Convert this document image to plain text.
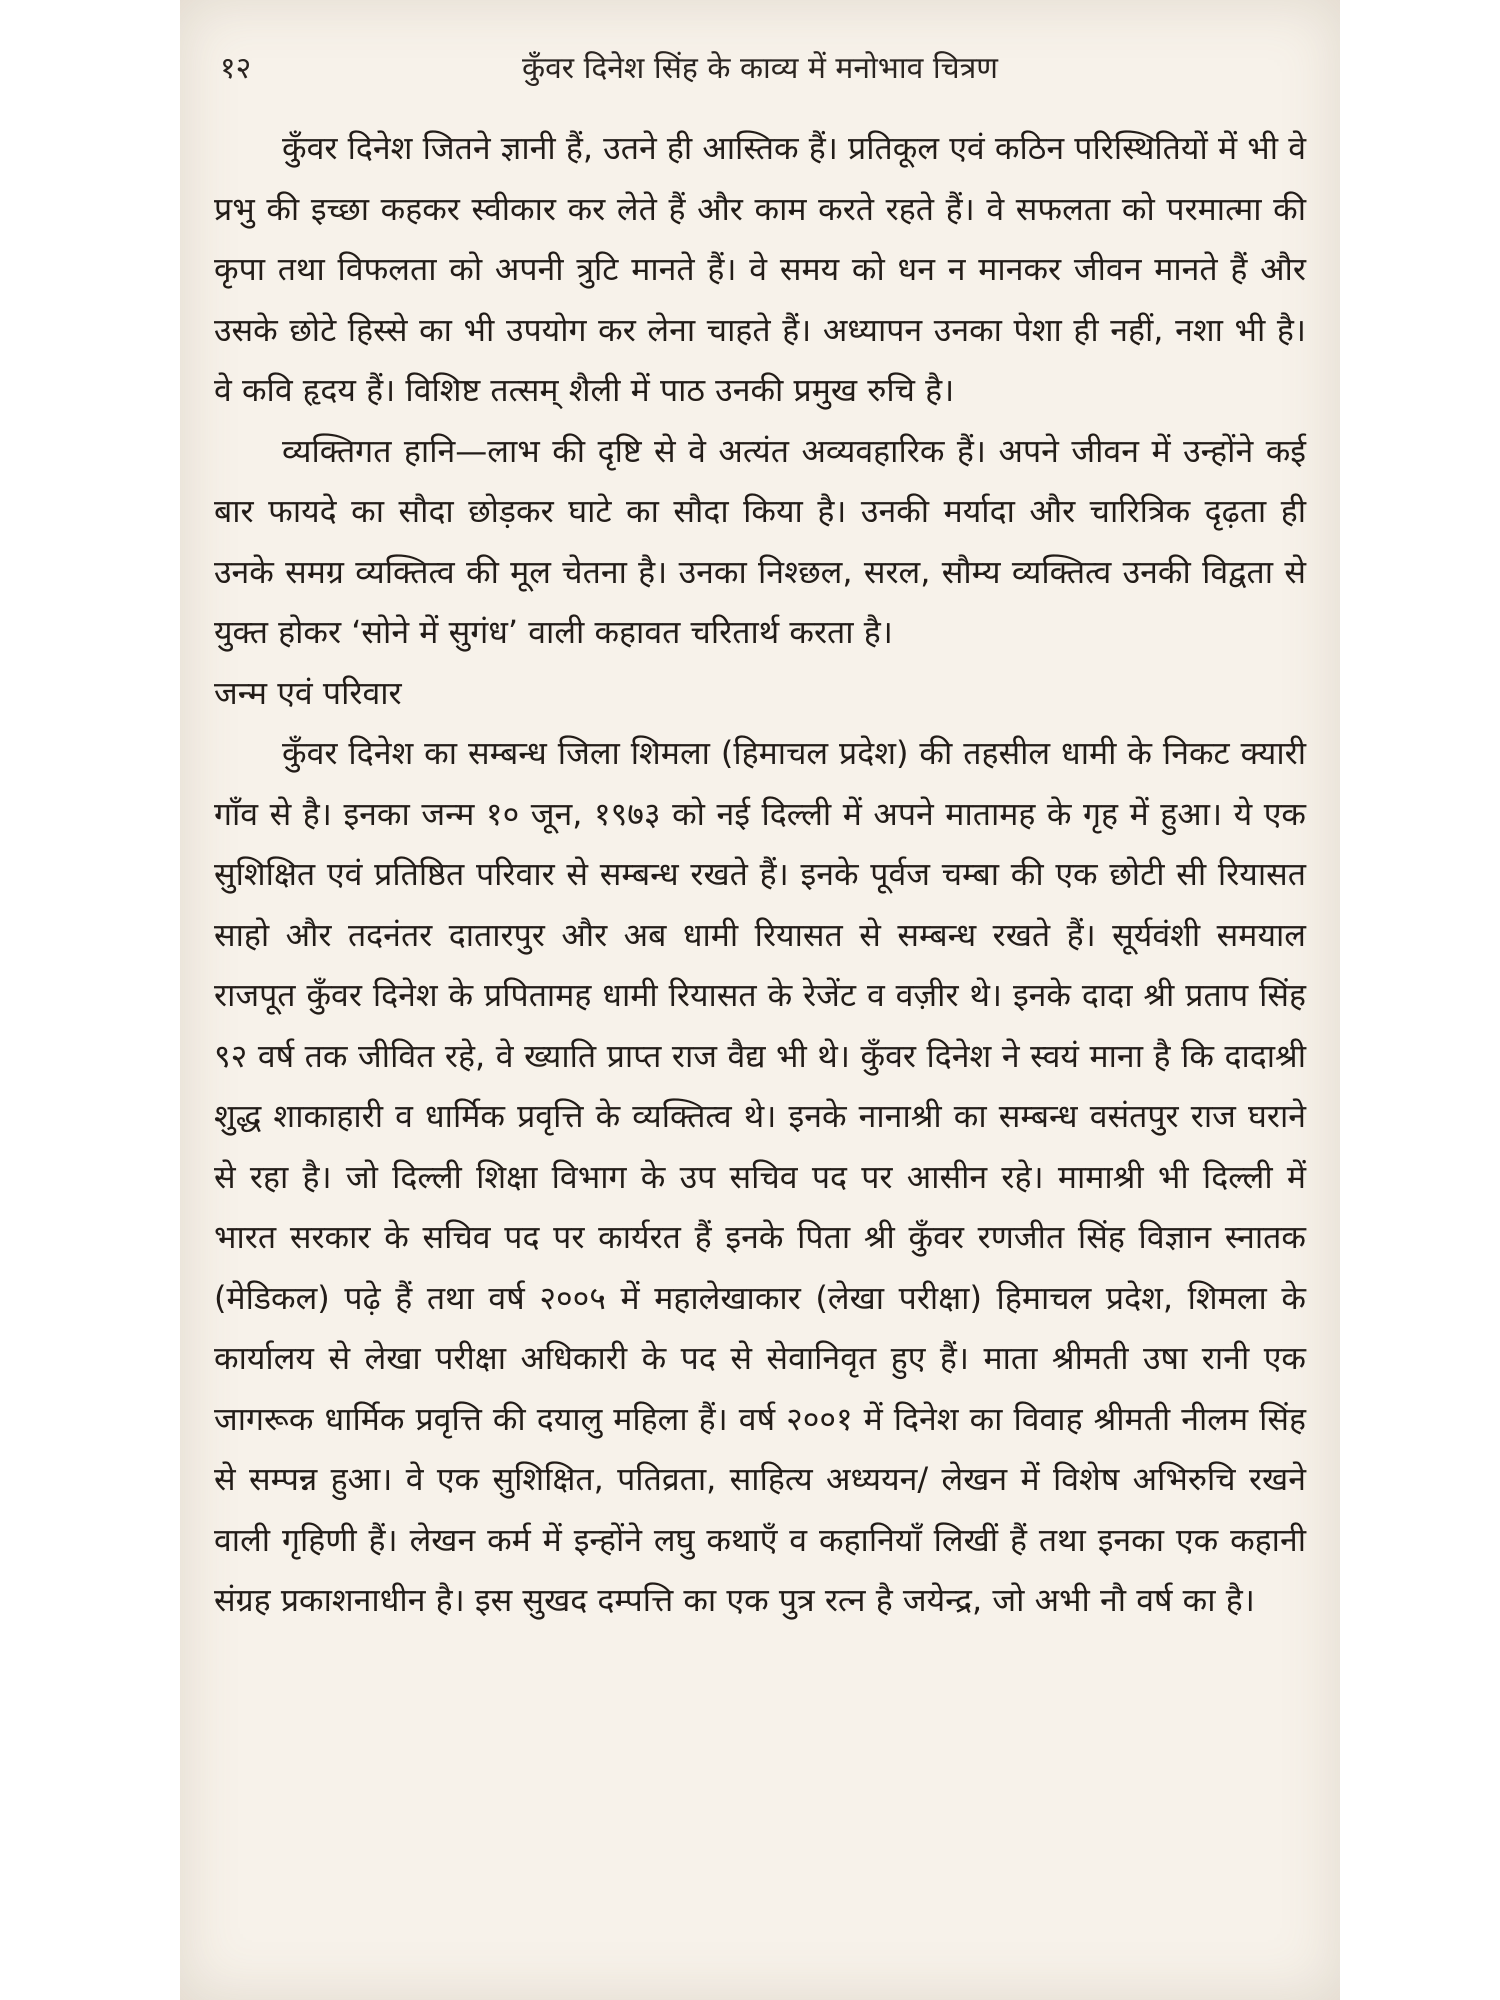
१२	कुँवर दिनेश सिंह के काव्य में मनोभाव चित्रण

कुँवर दिनेश जितने ज्ञानी हैं, उतने ही आस्तिक हैं। प्रतिकूल एवं कठिन परिस्थितियों में भी वे प्रभु की इच्छा कहकर स्वीकार कर लेते हैं और काम करते रहते हैं। वे सफलता को परमात्मा की कृपा तथा विफलता को अपनी त्रुटि मानते हैं। वे समय को धन न मानकर जीवन मानते हैं और उसके छोटे हिस्से का भी उपयोग कर लेना चाहते हैं। अध्यापन उनका पेशा ही नहीं, नशा भी है। वे कवि हृदय हैं। विशिष्ट तत्सम् शैली में पाठ उनकी प्रमुख रुचि है।

व्यक्तिगत हानि—लाभ की दृष्टि से वे अत्यंत अव्यवहारिक हैं। अपने जीवन में उन्होंने कई बार फायदे का सौदा छोड़कर घाटे का सौदा किया है। उनकी मर्यादा और चारित्रिक दृढ़ता ही उनके समग्र व्यक्तित्व की मूल चेतना है। उनका निश्छल, सरल, सौम्य व्यक्तित्व उनकी विद्वता से युक्त होकर ‘सोने में सुगंध’ वाली कहावत चरितार्थ करता है।

जन्म एवं परिवार

कुँवर दिनेश का सम्बन्ध जिला शिमला (हिमाचल प्रदेश) की तहसील धामी के निकट क्यारी गाँव से है। इनका जन्म १० जून, १९७३ को नई दिल्ली में अपने मातामह के गृह में हुआ। ये एक सुशिक्षित एवं प्रतिष्ठित परिवार से सम्बन्ध रखते हैं। इनके पूर्वज चम्बा की एक छोटी सी रियासत साहो और तदनंतर दातारपुर और अब धामी रियासत से सम्बन्ध रखते हैं। सूर्यवंशी समयाल राजपूत कुँवर दिनेश के प्रपितामह धामी रियासत के रेजेंट व वज़ीर थे। इनके दादा श्री प्रताप सिंह ९२ वर्ष तक जीवित रहे, वे ख्याति प्राप्त राज वैद्य भी थे। कुँवर दिनेश ने स्वयं माना है कि दादाश्री शुद्ध शाकाहारी व धार्मिक प्रवृत्ति के व्यक्तित्व थे। इनके नानाश्री का सम्बन्ध वसंतपुर राज घराने से रहा है। जो दिल्ली शिक्षा विभाग के उप सचिव पद पर आसीन रहे। मामाश्री भी दिल्ली में भारत सरकार के सचिव पद पर कार्यरत हैं इनके पिता श्री कुँवर रणजीत सिंह विज्ञान स्नातक (मेडिकल) पढ़े हैं तथा वर्ष २००५ में महालेखाकार (लेखा परीक्षा) हिमाचल प्रदेश, शिमला के कार्यालय से लेखा परीक्षा अधिकारी के पद से सेवानिवृत हुए हैं। माता श्रीमती उषा रानी एक जागरूक धार्मिक प्रवृत्ति की दयालु महिला हैं। वर्ष २००१ में दिनेश का विवाह श्रीमती नीलम सिंह से सम्पन्न हुआ। वे एक सुशिक्षित, पतिव्रता, साहित्य अध्ययन/ लेखन में विशेष अभिरुचि रखने वाली गृहिणी हैं। लेखन कर्म में इन्होंने लघु कथाएँ व कहानियाँ लिखीं हैं तथा इनका एक कहानी संग्रह प्रकाशनाधीन है। इस सुखद दम्पत्ति का एक पुत्र रत्न है जयेन्द्र, जो अभी नौ वर्ष का है।
